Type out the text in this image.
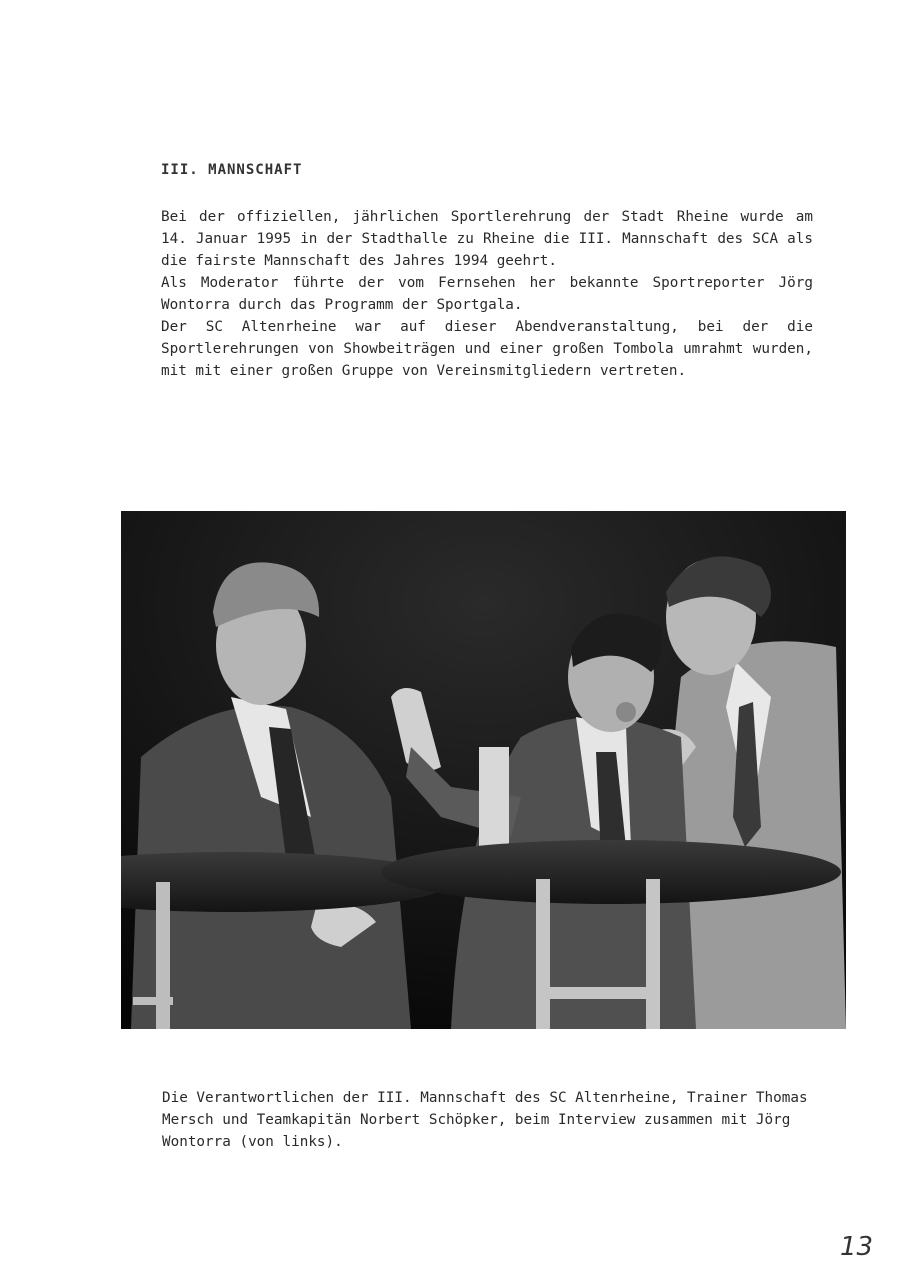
III. MANNSCHAFT

Bei der offiziellen, jährlichen Sportlerehrung der Stadt Rheine wurde am 14. Januar 1995 in der Stadthalle zu Rheine die III. Mannschaft des SCA als die fairste Mannschaft des Jahres 1994 geehrt.

Als Moderator führte der vom Fernsehen her bekannte Sportreporter Jörg Wontorra durch das Programm der Sportgala.

Der SC Altenrheine war auf dieser Abendveranstaltung, bei der die Sportlerehrungen von Showbeiträgen und einer großen Tombola umrahmt wurden, mit mit einer großen Gruppe von Vereinsmitgliedern vertreten.

Die Verantwortlichen der III. Mannschaft des SC Altenrheine, Trainer Thomas Mersch und Teamkapitän Norbert Schöpker, beim Interview zusammen mit Jörg Wontorra (von links).

13
